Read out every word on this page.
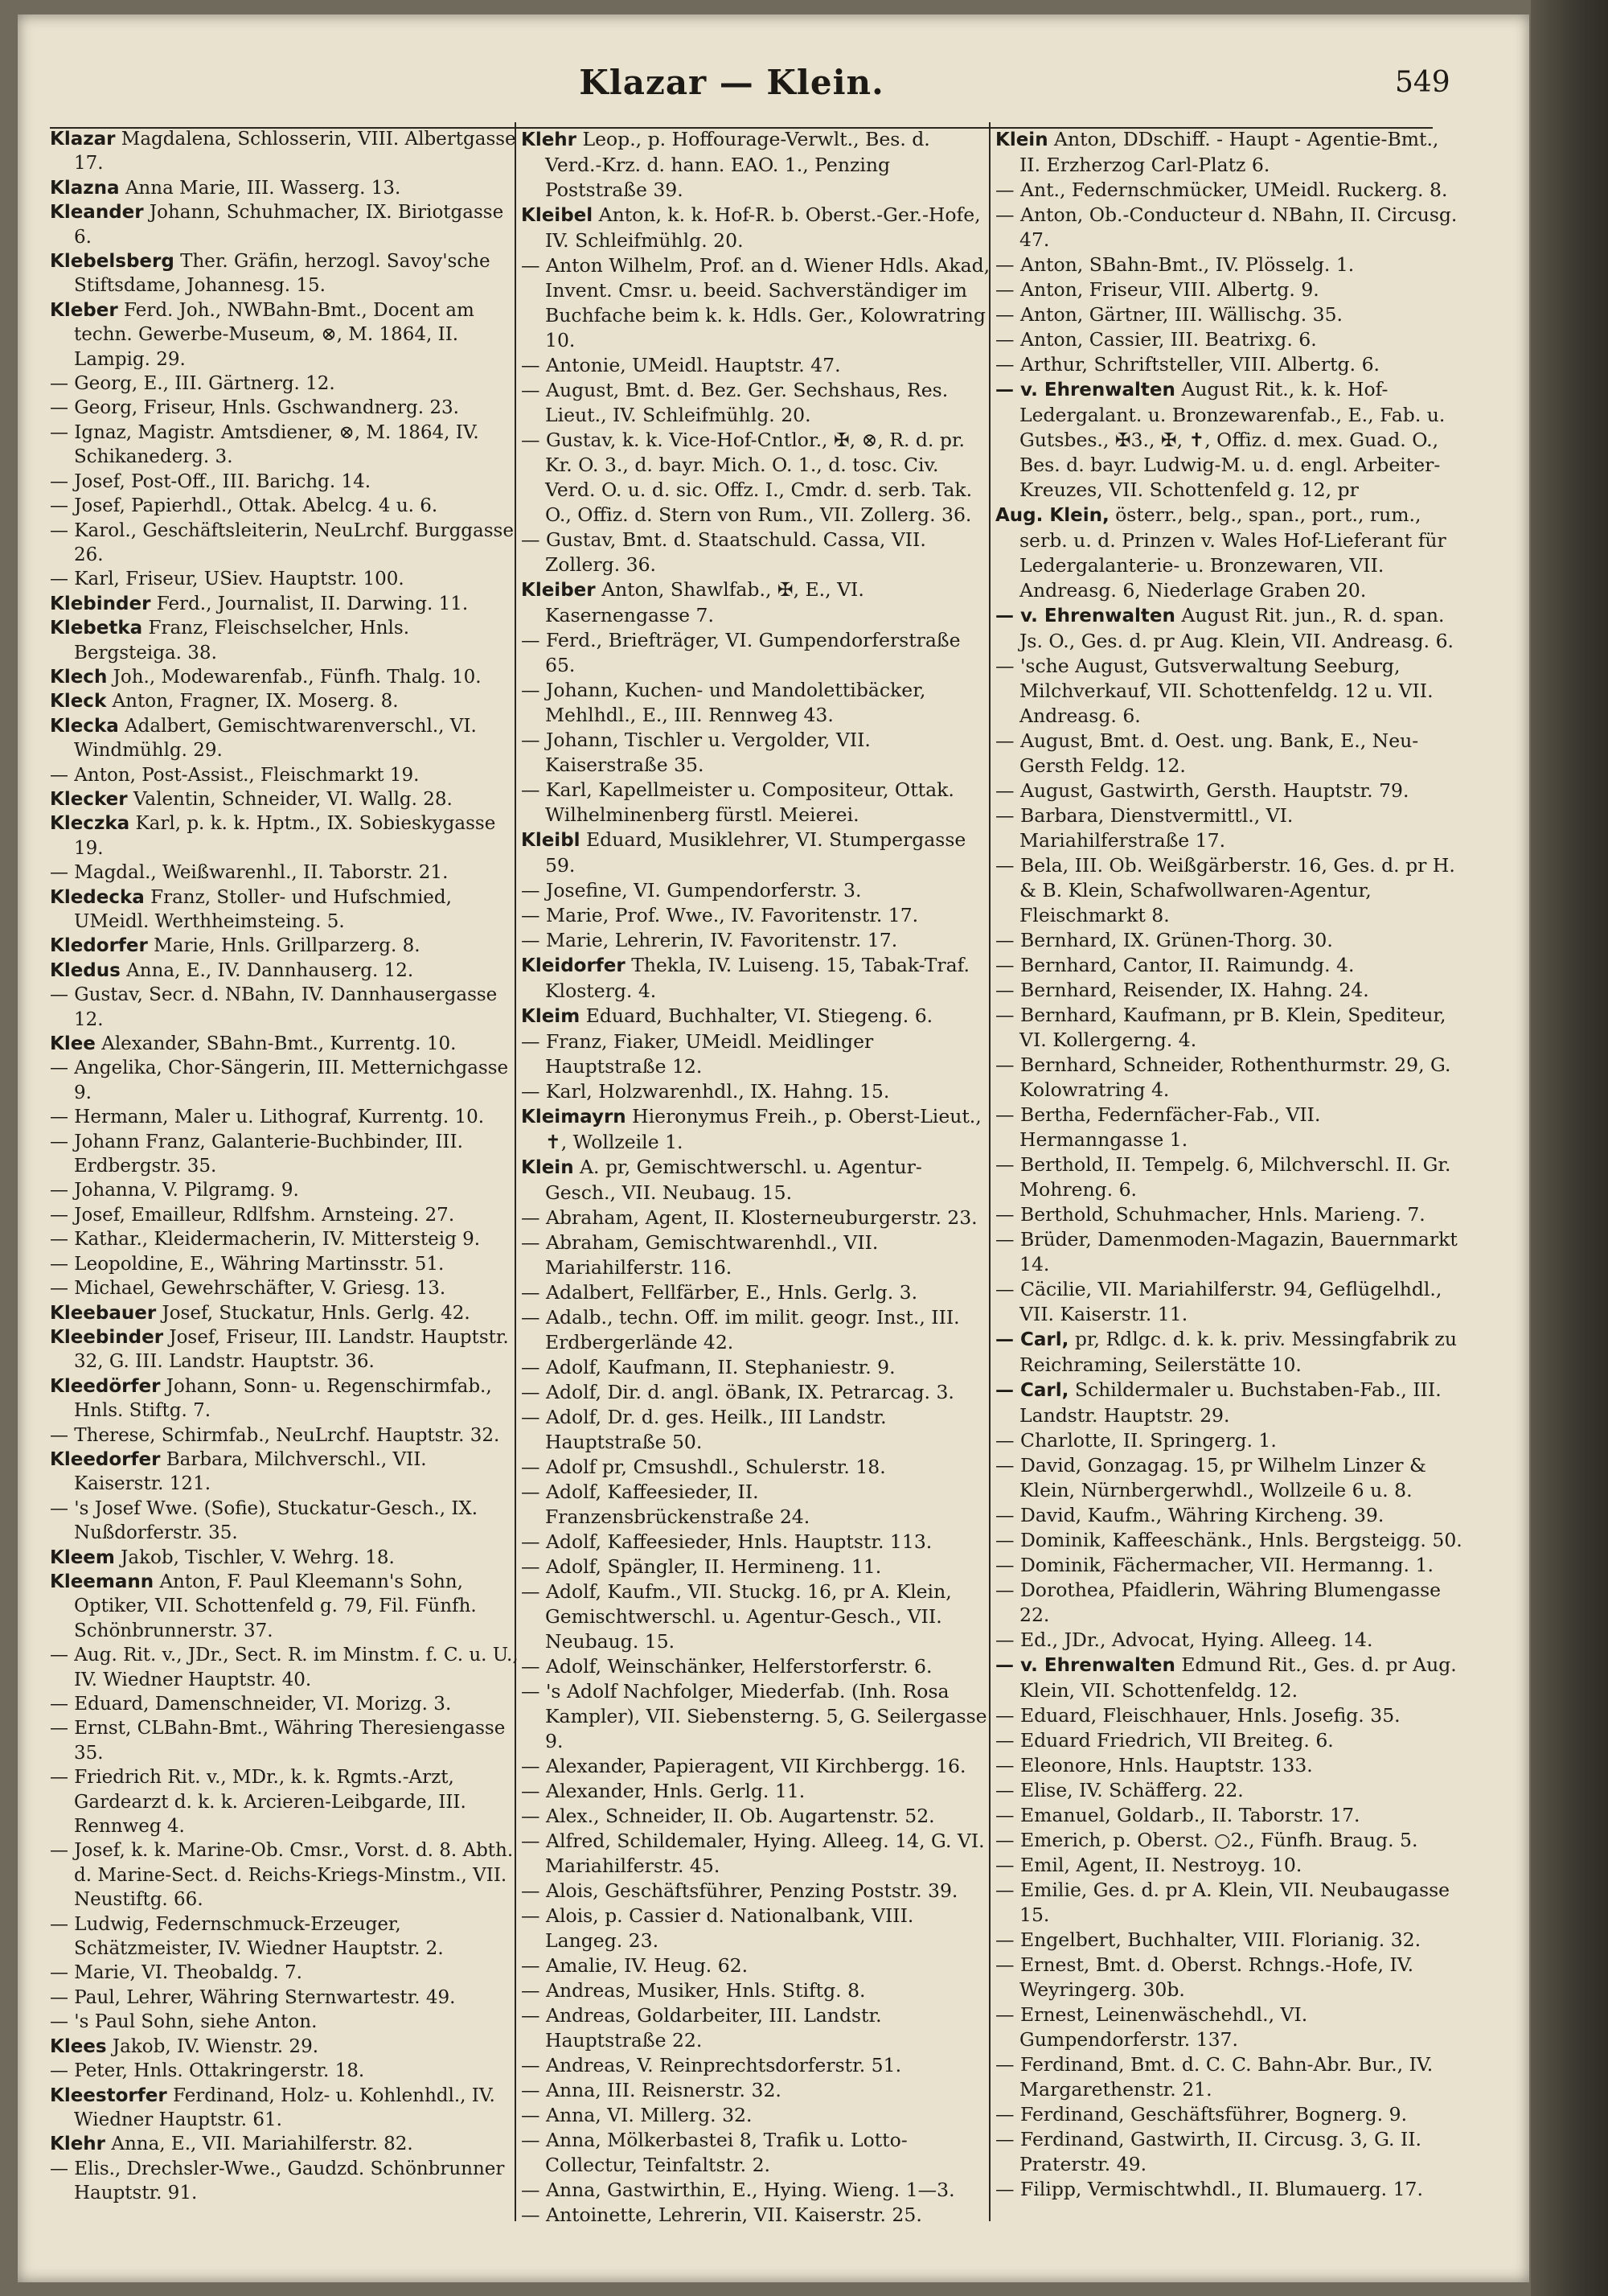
Klazar — Klein.	549

Klazar Magdalena, Schlosserin, VIII. Albertgasse 17.

Klazna Anna Marie, III. Wasserg. 13.

Kleander Johann, Schuhmacher, IX. Biriotgasse 6.

Klebelsberg Ther. Gräfin, herzogl. Savoy'sche Stiftsdame, Johannesg. 15.

Kleber Ferd. Joh., NWBahn-Bmt., Docent am techn. Gewerbe-Museum, ⊗, M. 1864, II. Lampig. 29.

— Georg, E., III. Gärtnerg. 12.

— Georg, Friseur, Hnls. Gschwandnerg. 23.

— Ignaz, Magistr. Amtsdiener, ⊗, M. 1864, IV. Schikanederg. 3.

— Josef, Post-Off., III. Barichg. 14.

— Josef, Papierhdl., Ottak. Abelcg. 4 u. 6.

— Karol., Geschäftsleiterin, NeuLrchf. Burggasse 26.

— Karl, Friseur, USiev. Hauptstr. 100.

Klebinder Ferd., Journalist, II. Darwing. 11.

Klebetka Franz, Fleischselcher, Hnls. Bergsteiga. 38.

Klech Joh., Modewarenfab., Fünfh. Thalg. 10.

Kleck Anton, Fragner, IX. Moserg. 8.

Klecka Adalbert, Gemischtwarenverschl., VI. Windmühlg. 29.

— Anton, Post-Assist., Fleischmarkt 19.

Klecker Valentin, Schneider, VI. Wallg. 28.

Kleczka Karl, p. k. k. Hptm., IX. Sobieskygasse 19.

— Magdal., Weißwarenhl., II. Taborstr. 21.

Kledecka Franz, Stoller- und Hufschmied, UMeidl. Werthheimsteing. 5.

Kledorfer Marie, Hnls. Grillparzerg. 8.

Kledus Anna, E., IV. Dannhauserg. 12.

— Gustav, Secr. d. NBahn, IV. Dannhausergasse 12.

Klee Alexander, SBahn-Bmt., Kurrentg. 10.

— Angelika, Chor-Sängerin, III. Metternichgasse 9.

— Hermann, Maler u. Lithograf, Kurrentg. 10.

— Johann Franz, Galanterie-Buchbinder, III. Erdbergstr. 35.

— Johanna, V. Pilgramg. 9.

— Josef, Emailleur, Rdlfshm. Arnsteing. 27.

— Kathar., Kleidermacherin, IV. Mittersteig 9.

— Leopoldine, E., Währing Martinsstr. 51.

— Michael, Gewehrschäfter, V. Griesg. 13.

Kleebauer Josef, Stuckatur, Hnls. Gerlg. 42.

Kleebinder Josef, Friseur, III. Landstr. Hauptstr. 32, G. III. Landstr. Hauptstr. 36.

Kleedörfer Johann, Sonn- u. Regenschirmfab., Hnls. Stiftg. 7.

— Therese, Schirmfab., NeuLrchf. Hauptstr. 32.

Kleedorfer Barbara, Milchverschl., VII. Kaiserstr. 121.

— 's Josef Wwe. (Sofie), Stuckatur-Gesch., IX. Nußdorferstr. 35.

Kleem Jakob, Tischler, V. Wehrg. 18.

Kleemann Anton, F. Paul Kleemann's Sohn, Optiker, VII. Schottenfeld g. 79, Fil. Fünfh. Schönbrunnerstr. 37.

— Aug. Rit. v., JDr., Sect. R. im Minstm. f. C. u. U., IV. Wiedner Hauptstr. 40.

— Eduard, Damenschneider, VI. Morizg. 3.

— Ernst, CLBahn-Bmt., Währing Theresiengasse 35.

— Friedrich Rit. v., MDr., k. k. Rgmts.-Arzt, Gardearzt d. k. k. Arcieren-Leibgarde, III. Rennweg 4.

— Josef, k. k. Marine-Ob. Cmsr., Vorst. d. 8. Abth. d. Marine-Sect. d. Reichs-Kriegs-Minstm., VII. Neustiftg. 66.

— Ludwig, Federnschmuck-Erzeuger, Schätzmeister, IV. Wiedner Hauptstr. 2.

— Marie, VI. Theobaldg. 7.

— Paul, Lehrer, Währing Sternwartestr. 49.

— 's Paul Sohn, siehe Anton.

Klees Jakob, IV. Wienstr. 29.

— Peter, Hnls. Ottakringerstr. 18.

Kleestorfer Ferdinand, Holz- u. Kohlenhdl., IV. Wiedner Hauptstr. 61.

Klehr Anna, E., VII. Mariahilferstr. 82.

— Elis., Drechsler-Wwe., Gaudzd. Schönbrunner Hauptstr. 91.

Klehr Leop., p. Hoffourage-Verwlt., Bes. d. Verd.-Krz. d. hann. EAO. 1., Penzing Poststraße 39.

Kleibel Anton, k. k. Hof-R. b. Oberst.-Ger.-Hofe, IV. Schleifmühlg. 20.

— Anton Wilhelm, Prof. an d. Wiener Hdls. Akad, Invent. Cmsr. u. beeid. Sachverständiger im Buchfache beim k. k. Hdls. Ger., Kolowratring 10.

— Antonie, UMeidl. Hauptstr. 47.

— August, Bmt. d. Bez. Ger. Sechshaus, Res. Lieut., IV. Schleifmühlg. 20.

— Gustav, k. k. Vice-Hof-Cntlor., ✠, ⊗, R. d. pr. Kr. O. 3., d. bayr. Mich. O. 1., d. tosc. Civ. Verd. O. u. d. sic. Offz. I., Cmdr. d. serb. Tak. O., Offiz. d. Stern von Rum., VII. Zollerg. 36.

— Gustav, Bmt. d. Staatschuld. Cassa, VII. Zollerg. 36.

Kleiber Anton, Shawlfab., ✠, E., VI. Kasernengasse 7.

— Ferd., Briefträger, VI. Gumpendorferstraße 65.

— Johann, Kuchen- und Mandolettibäcker, Mehlhdl., E., III. Rennweg 43.

— Johann, Tischler u. Vergolder, VII. Kaiserstraße 35.

— Karl, Kapellmeister u. Compositeur, Ottak. Wilhelminenberg fürstl. Meierei.

Kleibl Eduard, Musiklehrer, VI. Stumpergasse 59.

— Josefine, VI. Gumpendorferstr. 3.

— Marie, Prof. Wwe., IV. Favoritenstr. 17.

— Marie, Lehrerin, IV. Favoritenstr. 17.

Kleidorfer Thekla, IV. Luiseng. 15, Tabak-Traf. Klosterg. 4.

Kleim Eduard, Buchhalter, VI. Stiegeng. 6.

— Franz, Fiaker, UMeidl. Meidlinger Hauptstraße 12.

— Karl, Holzwarenhdl., IX. Hahng. 15.

Kleimayrn Hieronymus Freih., p. Oberst-Lieut., ✝, Wollzeile 1.

Klein A. pr, Gemischtwerschl. u. Agentur-Gesch., VII. Neubaug. 15.

— Abraham, Agent, II. Klosterneuburgerstr. 23.

— Abraham, Gemischtwarenhdl., VII. Mariahilferstr. 116.

— Adalbert, Fellfärber, E., Hnls. Gerlg. 3.

— Adalb., techn. Off. im milit. geogr. Inst., III. Erdbergerlände 42.

— Adolf, Kaufmann, II. Stephaniestr. 9.

— Adolf, Dir. d. angl. öBank, IX. Petrarcag. 3.

— Adolf, Dr. d. ges. Heilk., III Landstr. Hauptstraße 50.

— Adolf pr, Cmsushdl., Schulerstr. 18.

— Adolf, Kaffeesieder, II. Franzensbrückenstraße 24.

— Adolf, Kaffeesieder, Hnls. Hauptstr. 113.

— Adolf, Spängler, II. Hermineng. 11.

— Adolf, Kaufm., VII. Stuckg. 16, pr A. Klein, Gemischtwerschl. u. Agentur-Gesch., VII. Neubaug. 15.

— Adolf, Weinschänker, Helferstorferstr. 6.

— 's Adolf Nachfolger, Miederfab. (Inh. Rosa Kampler), VII. Siebensterng. 5, G. Seilergasse 9.

— Alexander, Papieragent, VII Kirchbergg. 16.

— Alexander, Hnls. Gerlg. 11.

— Alex., Schneider, II. Ob. Augartenstr. 52.

— Alfred, Schildemaler, Hying. Alleeg. 14, G. VI. Mariahilferstr. 45.

— Alois, Geschäftsführer, Penzing Poststr. 39.

— Alois, p. Cassier d. Nationalbank, VIII. Langeg. 23.

— Amalie, IV. Heug. 62.

— Andreas, Musiker, Hnls. Stiftg. 8.

— Andreas, Goldarbeiter, III. Landstr. Hauptstraße 22.

— Andreas, V. Reinprechtsdorferstr. 51.

— Anna, III. Reisnerstr. 32.

— Anna, VI. Millerg. 32.

— Anna, Mölkerbastei 8, Trafik u. Lotto-Collectur, Teinfaltstr. 2.

— Anna, Gastwirthin, E., Hying. Wieng. 1—3.

— Antoinette, Lehrerin, VII. Kaiserstr. 25.

Klein Anton, DDschiff. - Haupt - Agentie-Bmt., II. Erzherzog Carl-Platz 6.

— Ant., Federnschmücker, UMeidl. Ruckerg. 8.

— Anton, Ob.-Conducteur d. NBahn, II. Circusg. 47.

— Anton, SBahn-Bmt., IV. Plösselg. 1.

— Anton, Friseur, VIII. Albertg. 9.

— Anton, Gärtner, III. Wällischg. 35.

— Anton, Cassier, III. Beatrixg. 6.

— Arthur, Schriftsteller, VIII. Albertg. 6.

— v. Ehrenwalten August Rit., k. k. Hof-Ledergalant. u. Bronzewarenfab., E., Fab. u. Gutsbes., ✠3., ✠, ✝, Offiz. d. mex. Guad. O., Bes. d. bayr. Ludwig-M. u. d. engl. Arbeiter-Kreuzes, VII. Schottenfeld g. 12, pr

Aug. Klein, österr., belg., span., port., rum., serb. u. d. Prinzen v. Wales Hof-Lieferant für Ledergalanterie- u. Bronzewaren, VII. Andreasg. 6, Niederlage Graben 20.

— v. Ehrenwalten August Rit. jun., R. d. span. Js. O., Ges. d. pr Aug. Klein, VII. Andreasg. 6.

— 'sche August, Gutsverwaltung Seeburg, Milchverkauf, VII. Schottenfeldg. 12 u. VII. Andreasg. 6.

— August, Bmt. d. Oest. ung. Bank, E., Neu-Gersth Feldg. 12.

— August, Gastwirth, Gersth. Hauptstr. 79.

— Barbara, Dienstvermittl., VI. Mariahilferstraße 17.

— Bela, III. Ob. Weißgärberstr. 16, Ges. d. pr H. & B. Klein, Schafwollwaren-Agentur, Fleischmarkt 8.

— Bernhard, IX. Grünen-Thorg. 30.

— Bernhard, Cantor, II. Raimundg. 4.

— Bernhard, Reisender, IX. Hahng. 24.

— Bernhard, Kaufmann, pr B. Klein, Spediteur, VI. Kollergerng. 4.

— Bernhard, Schneider, Rothenthurmstr. 29, G. Kolowratring 4.

— Bertha, Federnfächer-Fab., VII. Hermanngasse 1.

— Berthold, II. Tempelg. 6, Milchverschl. II. Gr. Mohreng. 6.

— Berthold, Schuhmacher, Hnls. Marieng. 7.

— Brüder, Damenmoden-Magazin, Bauernmarkt 14.

— Cäcilie, VII. Mariahilferstr. 94, Geflügelhdl., VII. Kaiserstr. 11.

— Carl, pr, Rdlgc. d. k. k. priv. Messingfabrik zu Reichraming, Seilerstätte 10.

— Carl, Schildermaler u. Buchstaben-Fab., III. Landstr. Hauptstr. 29.

— Charlotte, II. Springerg. 1.

— David, Gonzagag. 15, pr Wilhelm Linzer & Klein, Nürnbergerwhdl., Wollzeile 6 u. 8.

— David, Kaufm., Währing Kircheng. 39.

— Dominik, Kaffeeschänk., Hnls. Bergsteigg. 50.

— Dominik, Fächermacher, VII. Hermanng. 1.

— Dorothea, Pfaidlerin, Währing Blumengasse 22.

— Ed., JDr., Advocat, Hying. Alleeg. 14.

— v. Ehrenwalten Edmund Rit., Ges. d. pr Aug. Klein, VII. Schottenfeldg. 12.

— Eduard, Fleischhauer, Hnls. Josefig. 35.

— Eduard Friedrich, VII Breiteg. 6.

— Eleonore, Hnls. Hauptstr. 133.

— Elise, IV. Schäfferg. 22.

— Emanuel, Goldarb., II. Taborstr. 17.

— Emerich, p. Oberst. ○2., Fünfh. Braug. 5.

— Emil, Agent, II. Nestroyg. 10.

— Emilie, Ges. d. pr A. Klein, VII. Neubaugasse 15.

— Engelbert, Buchhalter, VIII. Florianig. 32.

— Ernest, Bmt. d. Oberst. Rchngs.-Hofe, IV. Weyringerg. 30b.

— Ernest, Leinenwäschehdl., VI. Gumpendorferstr. 137.

— Ferdinand, Bmt. d. C. C. Bahn-Abr. Bur., IV. Margarethenstr. 21.

— Ferdinand, Geschäftsführer, Bognerg. 9.

— Ferdinand, Gastwirth, II. Circusg. 3, G. II. Praterstr. 49.

— Filipp, Vermischtwhdl., II. Blumauerg. 17.
